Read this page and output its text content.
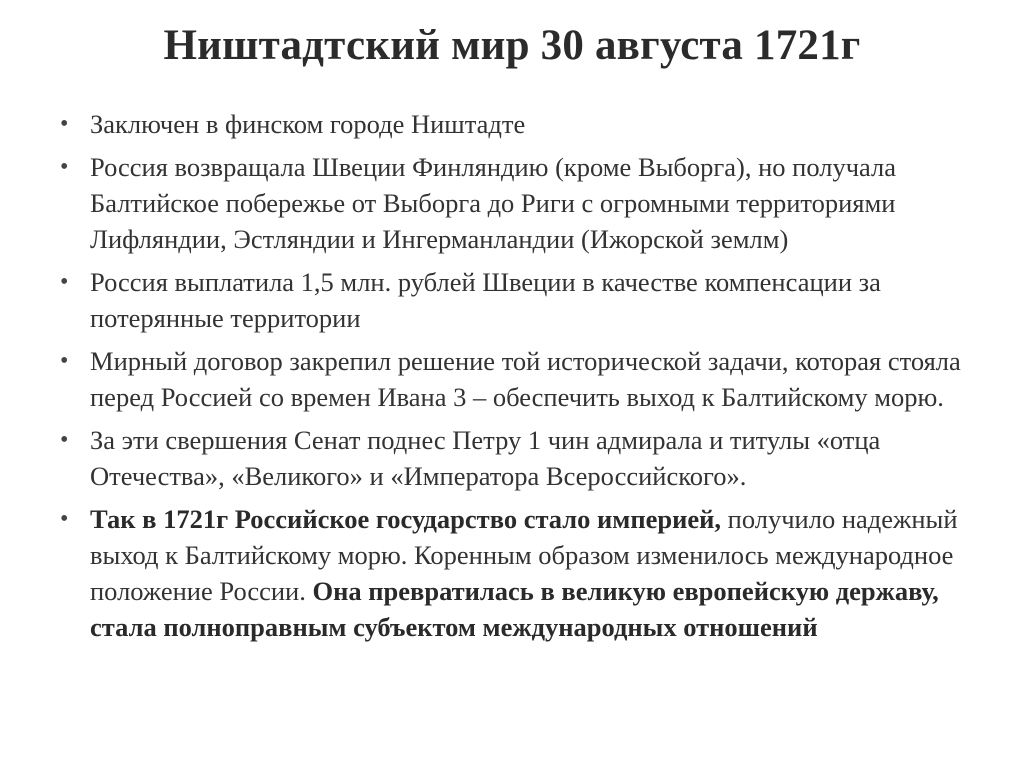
Ништадтский мир 30 августа 1721г
• Заключен в финском городе Ништадте
• Россия возвращала Швеции Финляндию (кроме Выборга), но получала Балтийское побережье от Выборга до Риги с огромными территориями Лифляндии, Эстляндии и Ингерманландии (Ижорской землм)
• Россия выплатила 1,5 млн. рублей Швеции в качестве компенсации за потерянные территории
• Мирный договор закрепил решение той исторической задачи, которая стояла перед Россией со времен Ивана 3 – обеспечить выход к Балтийскому морю.
• За эти свершения Сенат поднес Петру 1 чин адмирала и титулы «отца Отечества», «Великого» и «Императора Всероссийского».
• Так в 1721г Российское государство стало империей, получило надежный выход к Балтийскому морю. Коренным образом изменилось международное положение России. Она превратилась в великую европейскую державу, стала полноправным субъектом международных отношений
